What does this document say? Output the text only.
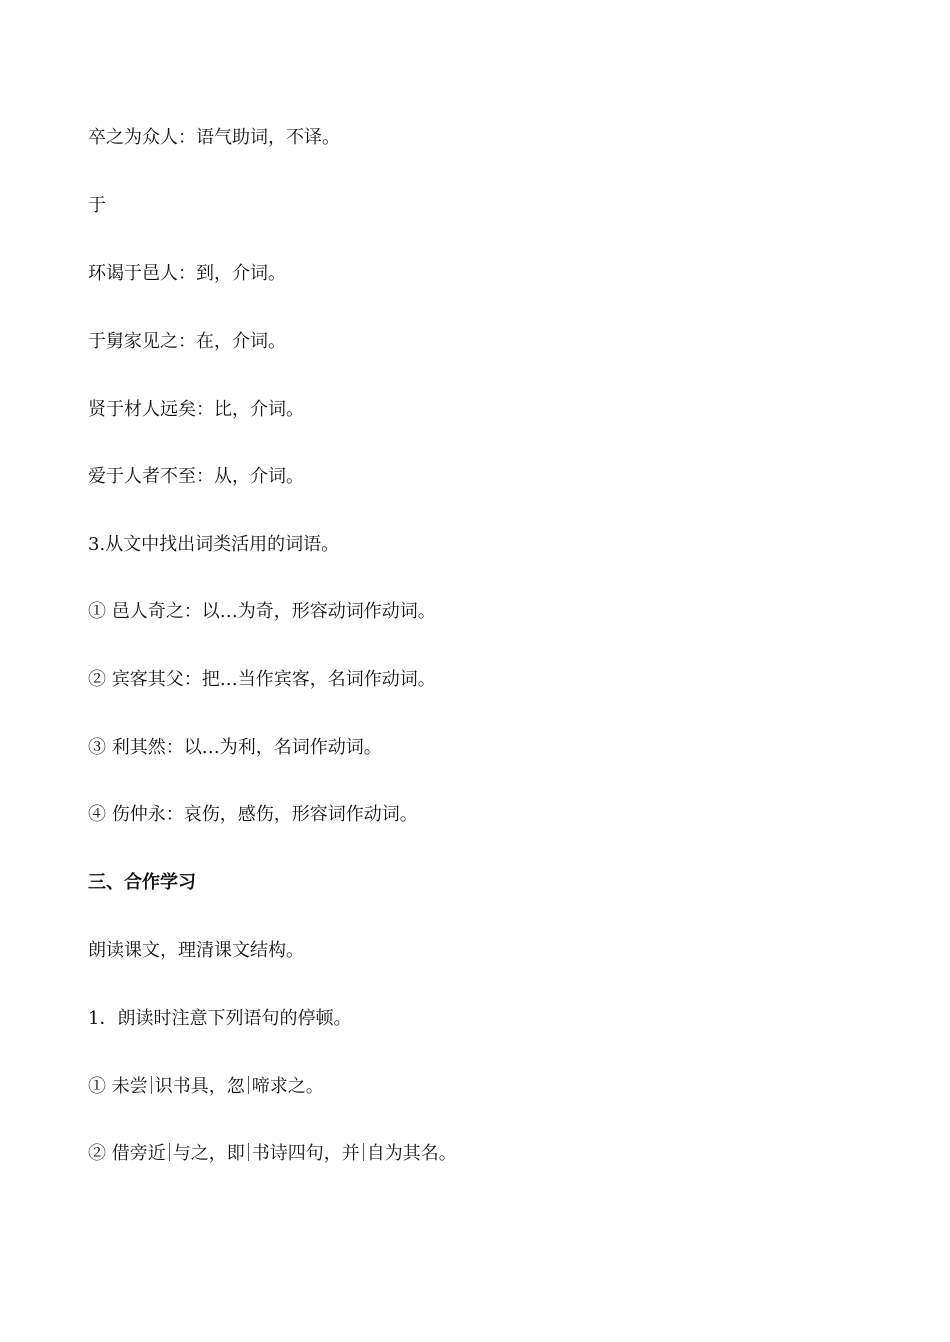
卒之为众人：语气助词，不译。
于
环谒于邑人：到，介词。
于舅家见之：在，介词。
贤于材人远矣：比，介词。
爱于人者不至：从，介词。
3.从文中找出词类活用的词语。
① 邑人奇之：以…为奇，形容动词作动词。
② 宾客其父：把…当作宾客，名词作动词。
③ 利其然：以…为利，名词作动词。
④ 伤仲永：哀伤，感伤，形容词作动词。
三、合作学习
朗读课文，理清课文结构。
1．朗读时注意下列语句的停顿。
① 未尝 识书具，忽 啼求之。
② 借旁近 与之，即 书诗四句，并 自为其名。
